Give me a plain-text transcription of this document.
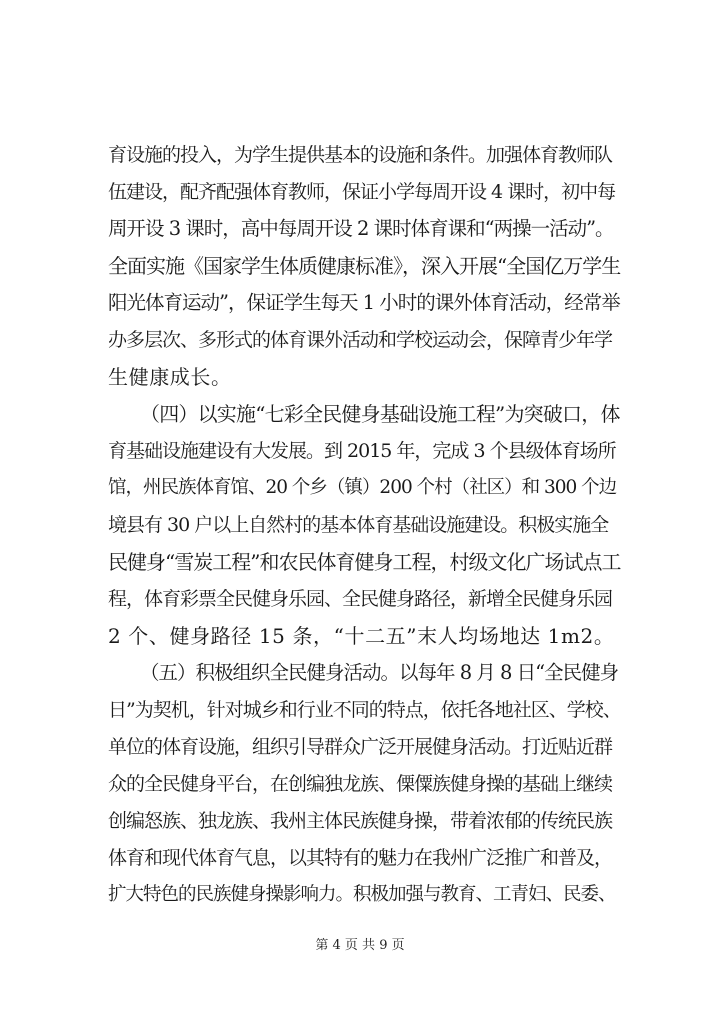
育设施的投入，为学生提供基本的设施和条件。加强体育教师队
伍建设，配齐配强体育教师，保证小学每周开设 4 课时，初中每
周开设 3 课时，高中每周开设 2 课时体育课和“两操一活动”。
全面实施《国家学生体质健康标准》，深入开展“全国亿万学生
阳光体育运动”，保证学生每天 1 小时的课外体育活动，经常举
办多层次、多形式的体育课外活动和学校运动会，保障青少年学
生健康成长。
（四）以实施“七彩全民健身基础设施工程”为突破口，体
育基础设施建设有大发展。到 2015 年，完成 3 个县级体育场所
馆，州民族体育馆、20 个乡（镇）200 个村（社区）和 300 个边
境县有 30 户以上自然村的基本体育基础设施建设。积极实施全
民健身“雪炭工程”和农民体育健身工程，村级文化广场试点工
程，体育彩票全民健身乐园、全民健身路径，新增全民健身乐园
2 个、健身路径 15 条，“十二五”末人均场地达 1m2。
（五）积极组织全民健身活动。以每年 8 月 8 日“全民健身
日”为契机，针对城乡和行业不同的特点，依托各地社区、学校、
单位的体育设施，组织引导群众广泛开展健身活动。打近贴近群
众的全民健身平台，在创编独龙族、傈僳族健身操的基础上继续
创编怒族、独龙族、我州主体民族健身操，带着浓郁的传统民族
体育和现代体育气息，以其特有的魅力在我州广泛推广和普及，
扩大特色的民族健身操影响力。积极加强与教育、工青妇、民委、
第 4 页 共 9 页
